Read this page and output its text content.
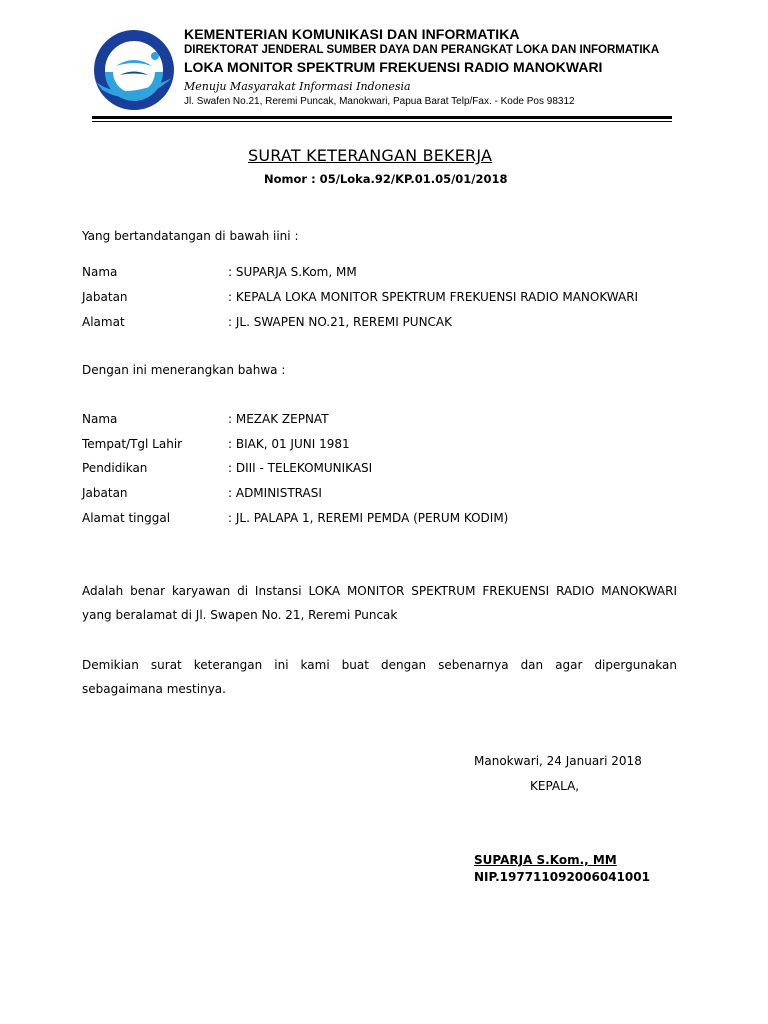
KEMENTERIAN KOMUNIKASI DAN INFORMATIKA
DIREKTORAT JENDERAL SUMBER DAYA DAN PERANGKAT LOKA DAN INFORMATIKA
LOKA MONITOR SPEKTRUM FREKUENSI RADIO MANOKWARI
Menuju Masyarakat Informasi Indonesia
Jl. Swafen No.21, Reremi Puncak, Manokwari, Papua Barat Telp/Fax. - Kode Pos 98312
SURAT KETERANGAN BEKERJA
Nomor : 05/Loka.92/KP.01.05/01/2018
Yang bertandatangan di bawah iini :
Nama	: SUPARJA S.Kom, MM
Jabatan	: KEPALA LOKA MONITOR SPEKTRUM FREKUENSI RADIO MANOKWARI
Alamat	: JL. SWAPEN NO.21, REREMI PUNCAK
Dengan ini menerangkan bahwa :
Nama	: MEZAK ZEPNAT
Tempat/Tgl Lahir	: BIAK, 01 JUNI 1981
Pendidikan	: DIII - TELEKOMUNIKASI
Jabatan	: ADMINISTRASI
Alamat tinggal	: JL. PALAPA 1, REREMI PEMDA (PERUM KODIM)
Adalah benar karyawan di Instansi LOKA MONITOR SPEKTRUM FREKUENSI RADIO MANOKWARI yang beralamat di Jl. Swapen No. 21, Reremi Puncak
Demikian surat keterangan ini kami buat dengan sebenarnya dan agar dipergunakan sebagaimana mestinya.
Manokwari, 24 Januari 2018
KEPALA,
SUPARJA S.Kom., MM
NIP.197711092006041001
